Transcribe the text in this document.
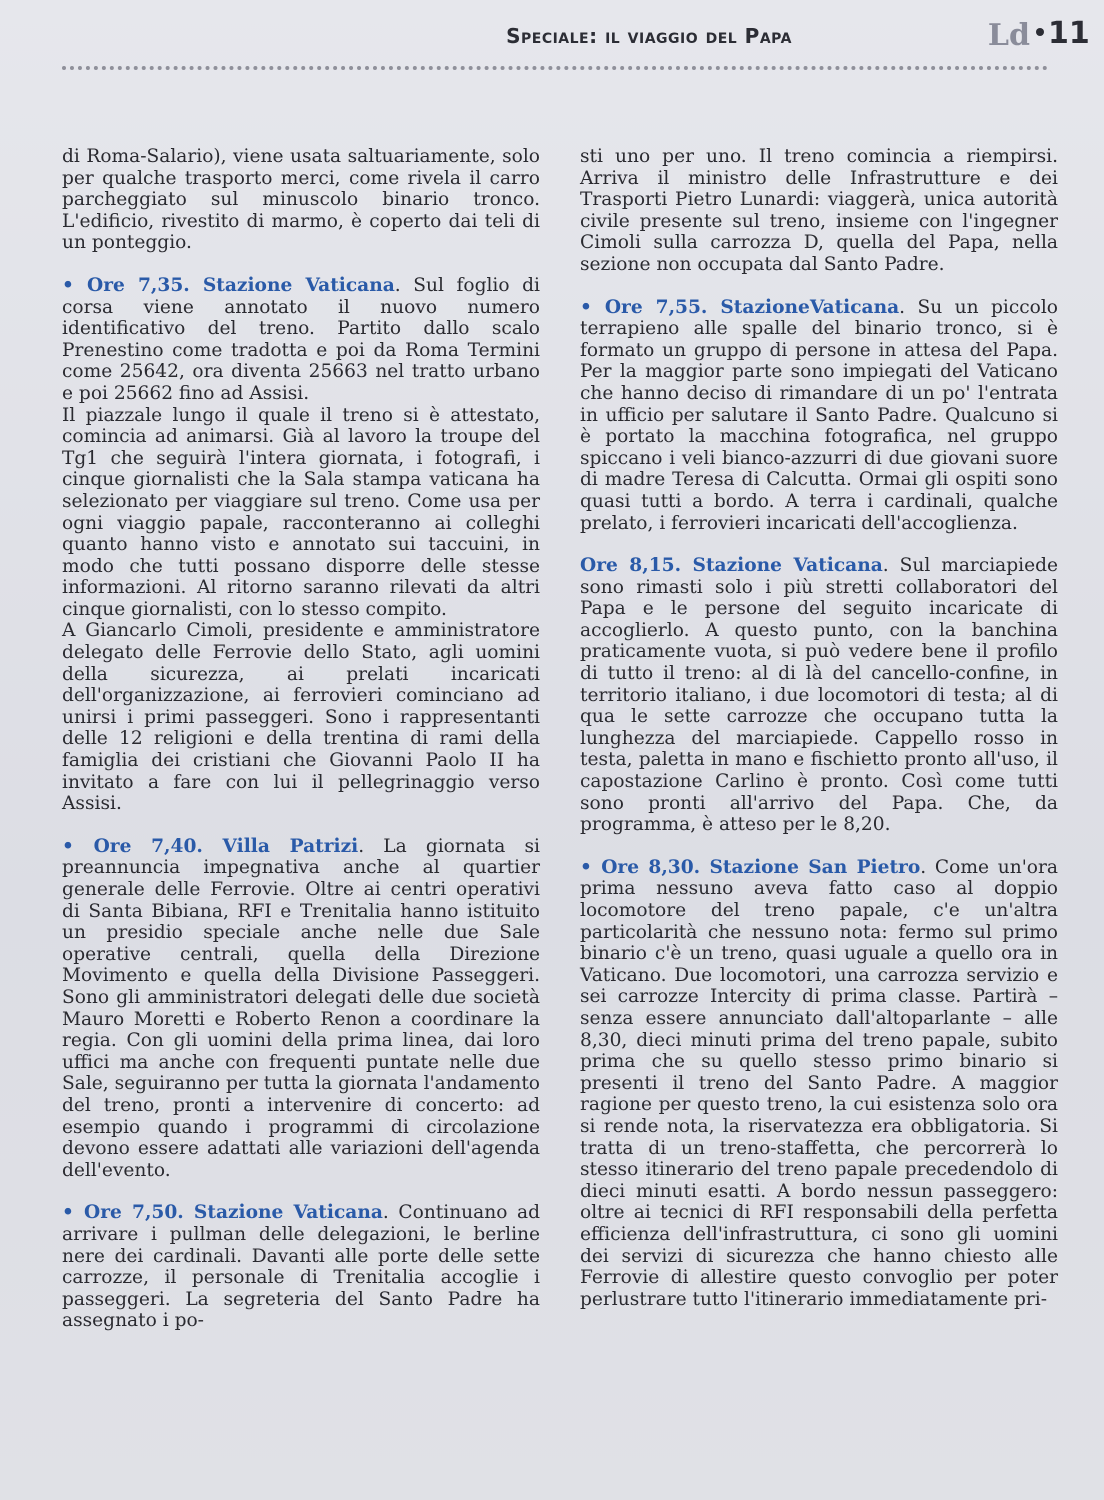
Speciale: il viaggio del Papa	Ld 11

di Roma-Salario), viene usata saltuariamente, solo per qualche trasporto merci, come rivela il carro parcheggiato sul minuscolo binario tronco. L'edificio, rivestito di marmo, è coperto dai teli di un ponteggio.

• Ore 7,35. Stazione Vaticana. Sul foglio di corsa viene annotato il nuovo numero identificativo del treno. Partito dallo scalo Prenestino come tradotta e poi da Roma Termini come 25642, ora diventa 25663 nel tratto urbano e poi 25662 fino ad Assisi.

Il piazzale lungo il quale il treno si è attestato, comincia ad animarsi. Già al lavoro la troupe del Tg1 che seguirà l'intera giornata, i fotografi, i cinque giornalisti che la Sala stampa vaticana ha selezionato per viaggiare sul treno. Come usa per ogni viaggio papale, racconteranno ai colleghi quanto hanno visto e annotato sui taccuini, in modo che tutti possano disporre delle stesse informazioni. Al ritorno saranno rilevati da altri cinque giornalisti, con lo stesso compito.

A Giancarlo Cimoli, presidente e amministratore delegato delle Ferrovie dello Stato, agli uomini della sicurezza, ai prelati incaricati dell'organizzazione, ai ferrovieri cominciano ad unirsi i primi passeggeri. Sono i rappresentanti delle 12 religioni e della trentina di rami della famiglia dei cristiani che Giovanni Paolo II ha invitato a fare con lui il pellegrinaggio verso Assisi.

• Ore 7,40. Villa Patrizi. La giornata si preannuncia impegnativa anche al quartier generale delle Ferrovie. Oltre ai centri operativi di Santa Bibiana, RFI e Trenitalia hanno istituito un presidio speciale anche nelle due Sale operative centrali, quella della Direzione Movimento e quella della Divisione Passeggeri. Sono gli amministratori delegati delle due società Mauro Moretti e Roberto Renon a coordinare la regia. Con gli uomini della prima linea, dai loro uffici ma anche con frequenti puntate nelle due Sale, seguiranno per tutta la giornata l'andamento del treno, pronti a intervenire di concerto: ad esempio quando i programmi di circolazione devono essere adattati alle variazioni dell'agenda dell'evento.

• Ore 7,50. Stazione Vaticana. Continuano ad arrivare i pullman delle delegazioni, le berline nere dei cardinali. Davanti alle porte delle sette carrozze, il personale di Trenitalia accoglie i passeggeri. La segreteria del Santo Padre ha assegnato i po-

sti uno per uno. Il treno comincia a riempirsi. Arriva il ministro delle Infrastrutture e dei Trasporti Pietro Lunardi: viaggerà, unica autorità civile presente sul treno, insieme con l'ingegner Cimoli sulla carrozza D, quella del Papa, nella sezione non occupata dal Santo Padre.

• Ore 7,55. StazioneVaticana. Su un piccolo terrapieno alle spalle del binario tronco, si è formato un gruppo di persone in attesa del Papa. Per la maggior parte sono impiegati del Vaticano che hanno deciso di rimandare di un po' l'entrata in ufficio per salutare il Santo Padre. Qualcuno si è portato la macchina fotografica, nel gruppo spiccano i veli bianco-azzurri di due giovani suore di madre Teresa di Calcutta. Ormai gli ospiti sono quasi tutti a bordo. A terra i cardinali, qualche prelato, i ferrovieri incaricati dell'accoglienza.

Ore 8,15. Stazione Vaticana. Sul marciapiede sono rimasti solo i più stretti collaboratori del Papa e le persone del seguito incaricate di accoglierlo. A questo punto, con la banchina praticamente vuota, si può vedere bene il profilo di tutto il treno: al di là del cancello-confine, in territorio italiano, i due locomotori di testa; al di qua le sette carrozze che occupano tutta la lunghezza del marciapiede. Cappello rosso in testa, paletta in mano e fischietto pronto all'uso, il capostazione Carlino è pronto. Così come tutti sono pronti all'arrivo del Papa. Che, da programma, è atteso per le 8,20.

• Ore 8,30. Stazione San Pietro. Come un'ora prima nessuno aveva fatto caso al doppio locomotore del treno papale, c'e un'altra particolarità che nessuno nota: fermo sul primo binario c'è un treno, quasi uguale a quello ora in Vaticano. Due locomotori, una carrozza servizio e sei carrozze Intercity di prima classe. Partirà – senza essere annunciato dall'altoparlante – alle 8,30, dieci minuti prima del treno papale, subito prima che su quello stesso primo binario si presenti il treno del Santo Padre. A maggior ragione per questo treno, la cui esistenza solo ora si rende nota, la riservatezza era obbligatoria. Si tratta di un treno-staffetta, che percorrerà lo stesso itinerario del treno papale precedendolo di dieci minuti esatti. A bordo nessun passeggero: oltre ai tecnici di RFI responsabili della perfetta efficienza dell'infrastruttura, ci sono gli uomini dei servizi di sicurezza che hanno chiesto alle Ferrovie di allestire questo convoglio per poter perlustrare tutto l'itinerario immediatamente pri-
